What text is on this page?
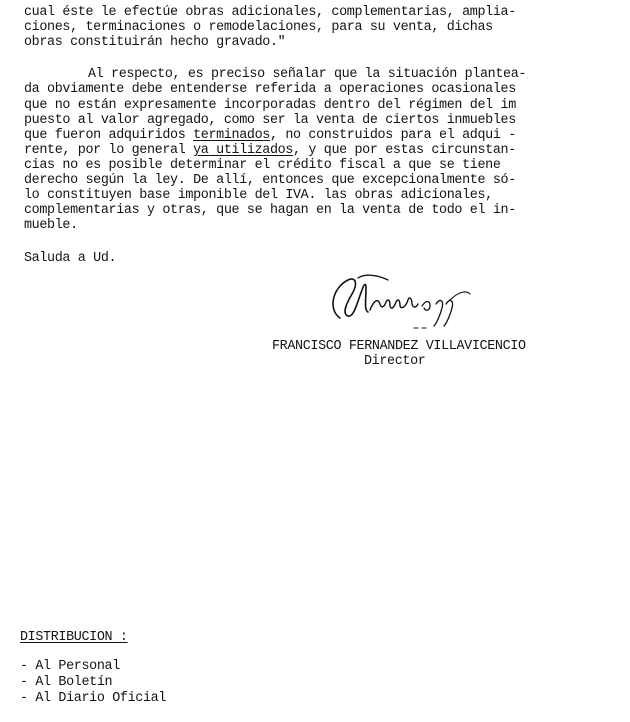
cual éste le efectúe obras adicionales, complementarias, amplia-
ciones, terminaciones o remodelaciones, para su venta, dichas
obras constituirán hecho gravado."
Al respecto, es preciso señalar que la situación plantea-
da obviamente debe entenderse referida a operaciones ocasionales
que no están expresamente incorporadas dentro del régimen del im
puesto al valor agregado, como ser la venta de ciertos inmuebles
que fueron adquiridos terminados, no construidos para el adqui -
rente, por lo general ya utilizados, y que por estas circunstan-
cias no es posible determinar el crédito fiscal a que se tiene
derecho según la ley. De allí, entonces que excepcionalmente só-
lo constituyen base imponible del IVA. las obras adicionales,
complementarias y otras, que se hagan en la venta de todo el in-
mueble.
Saluda a Ud.
FRANCISCO FERNANDEZ VILLAVICENCIO
Director
DISTRIBUCION :
- Al Personal
- Al Boletín
- Al Diario Oficial
